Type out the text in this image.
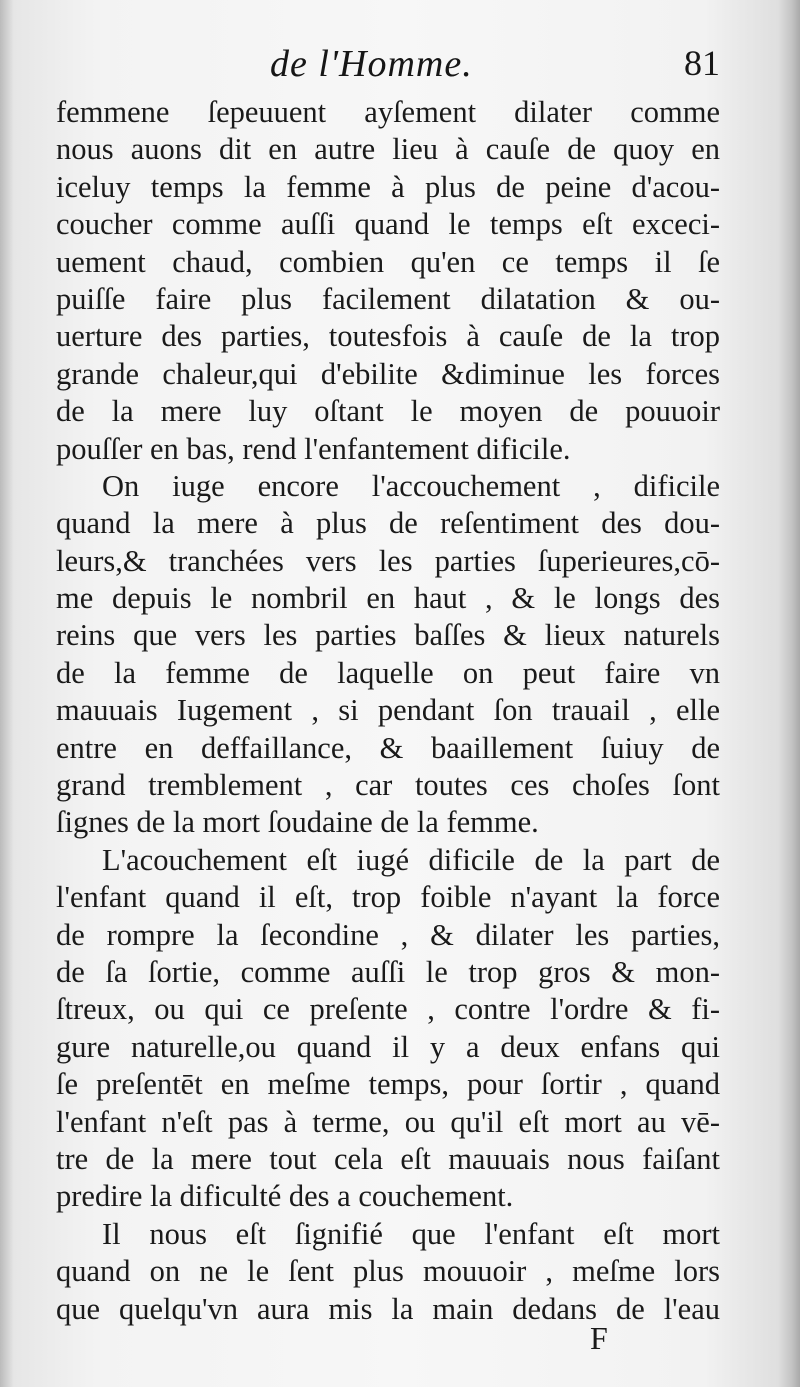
de l'Homme.	81
femmene ſepeuuent ayſement dilater comme
nous auons dit en autre lieu à cauſe de quoy en
iceluy temps la femme à plus de peine d'acou-
coucher comme auſſi quand le temps eſt exceci-
uement chaud, combien qu'en ce temps il ſe
puiſſe faire plus facilement dilatation & ou-
uerture des parties, toutesfois à cauſe de la trop
grande chaleur,qui d'ebilite &diminue les forces
de la mere luy oſtant le moyen de pouuoir
pouſſer en bas, rend l'enfantement dificile.
On iuge encore l'accouchement , dificile
quand la mere à plus de reſentiment des dou-
leurs,& tranchées vers les parties ſuperieures,cō-
me depuis le nombril en haut , & le longs des
reins que vers les parties baſſes & lieux naturels
de la femme de laquelle on peut faire vn
mauuais Iugement , si pendant ſon trauail , elle
entre en deffaillance, & baaillement ſuiuy de
grand tremblement , car toutes ces choſes ſont
ſignes de la mort ſoudaine de la femme.
L'acouchement eſt iugé dificile de la part de
l'enfant quand il eſt, trop foible n'ayant la force
de rompre la ſecondine , & dilater les parties,
de ſa ſortie, comme auſſi le trop gros & mon-
ſtreux, ou qui ce preſente , contre l'ordre & fi-
gure naturelle,ou quand il y a deux enfans qui
ſe preſentēt en meſme temps, pour ſortir , quand
l'enfant n'eſt pas à terme, ou qu'il eſt mort au vē-
tre de la mere tout cela eſt mauuais nous faiſant
predire la dificulté des a couchement.
Il nous eſt ſignifié que l'enfant eſt mort
quand on ne le ſent plus mouuoir , meſme lors
que quelqu'vn aura mis la main dedans de l'eau
F
